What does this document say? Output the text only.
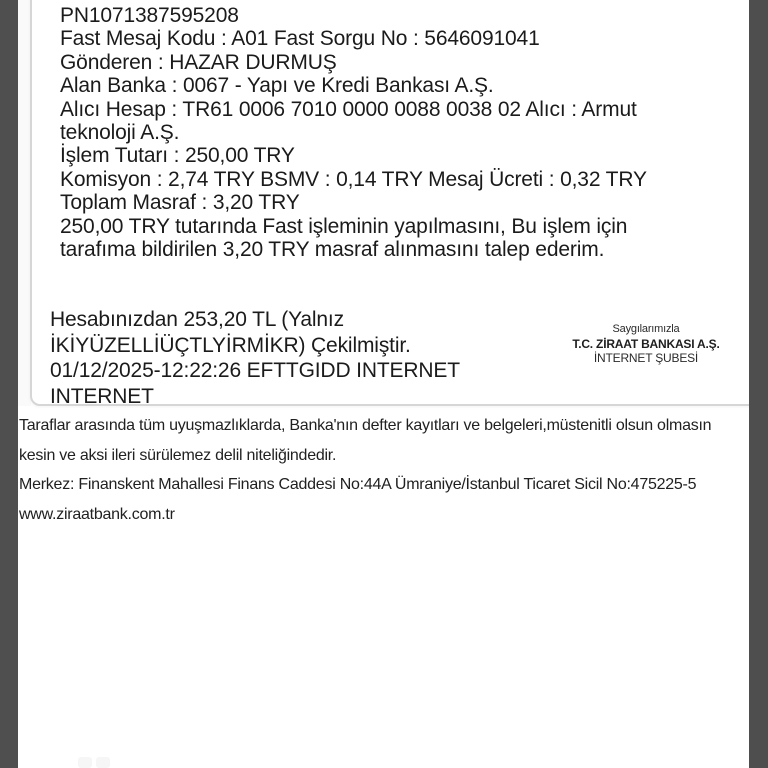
PN1071387595208
Fast Mesaj Kodu : A01 Fast Sorgu No : 5646091041
Gönderen : HAZAR DURMUŞ
Alan Banka : 0067 - Yapı ve Kredi Bankası A.Ş.
Alıcı Hesap : TR61 0006 7010 0000 0088 0038 02 Alıcı : Armut
teknoloji A.Ş.
İşlem Tutarı : 250,00 TRY
Komisyon : 2,74 TRY BSMV : 0,14 TRY Mesaj Ücreti : 0,32 TRY
Toplam Masraf : 3,20 TRY
250,00 TRY tutarında Fast işleminin yapılmasını, Bu işlem için
tarafıma bildirilen 3,20 TRY masraf alınmasını talep ederim.
Hesabınızdan 253,20 TL (Yalnız
İKİYÜZELLİÜÇTLYİRMİKR) Çekilmiştir.
01/12/2025-12:22:26 EFTTGIDD INTERNET
INTERNET
Saygılarımızla
T.C. ZİRAAT BANKASI A.Ş.
İNTERNET ŞUBESİ
Taraflar arasında tüm uyuşmazlıklarda, Banka'nın defter kayıtları ve belgeleri,müstenitli olsun olmasın
kesin ve aksi ileri sürülemez delil niteliğindedir.
Merkez: Finanskent Mahallesi Finans Caddesi No:44A Ümraniye/İstanbul Ticaret Sicil No:475225-5
www.ziraatbank.com.tr
